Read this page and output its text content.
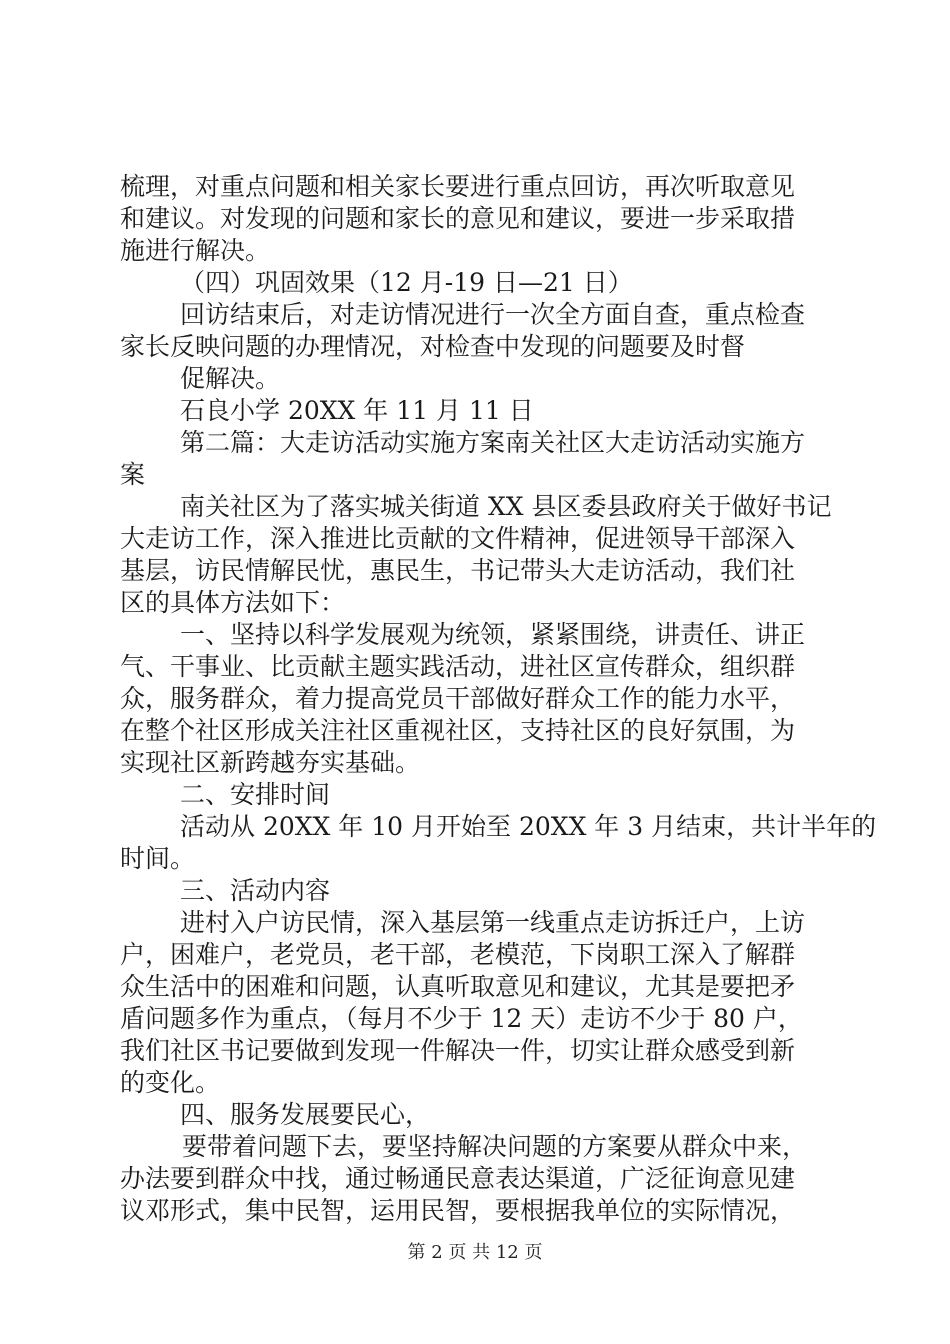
梳理，对重点问题和相关家长要进行重点回访，再次听取意见
和建议。对发现的问题和家长的意见和建议，要进一步采取措
施进行解决。
（四）巩固效果（12 月-19 日—21 日）
回访结束后，对走访情况进行一次全方面自查，重点检查
家长反映问题的办理情况，对检查中发现的问题要及时督
促解决。
石良小学 20XX 年 11 月 11 日
第二篇：大走访活动实施方案南关社区大走访活动实施方
案
南关社区为了落实城关街道 XX 县区委县政府关于做好书记
大走访工作，深入推进比贡献的文件精神，促进领导干部深入
基层，访民情解民忧，惠民生，书记带头大走访活动，我们社
区的具体方法如下：
一、坚持以科学发展观为统领，紧紧围绕，讲责任、讲正
气、干事业、比贡献主题实践活动，进社区宣传群众，组织群
众，服务群众，着力提高党员干部做好群众工作的能力水平，
在整个社区形成关注社区重视社区，支持社区的良好氛围，为
实现社区新跨越夯实基础。
二、安排时间
活动从 20XX 年 10 月开始至 20XX 年 3 月结束，共计半年的
时间。
三、活动内容
进村入户访民情，深入基层第一线重点走访拆迁户，上访
户，困难户，老党员，老干部，老模范，下岗职工深入了解群
众生活中的困难和问题，认真听取意见和建议，尤其是要把矛
盾问题多作为重点，（每月不少于 12 天）走访不少于 80 户，
我们社区书记要做到发现一件解决一件，切实让群众感受到新
的变化。
四、服务发展要民心，
要带着问题下去，要坚持解决问题的方案要从群众中来，
办法要到群众中找，通过畅通民意表达渠道，广泛征询意见建
议邓形式，集中民智，运用民智，要根据我单位的实际情况，
第 2 页 共 12 页
